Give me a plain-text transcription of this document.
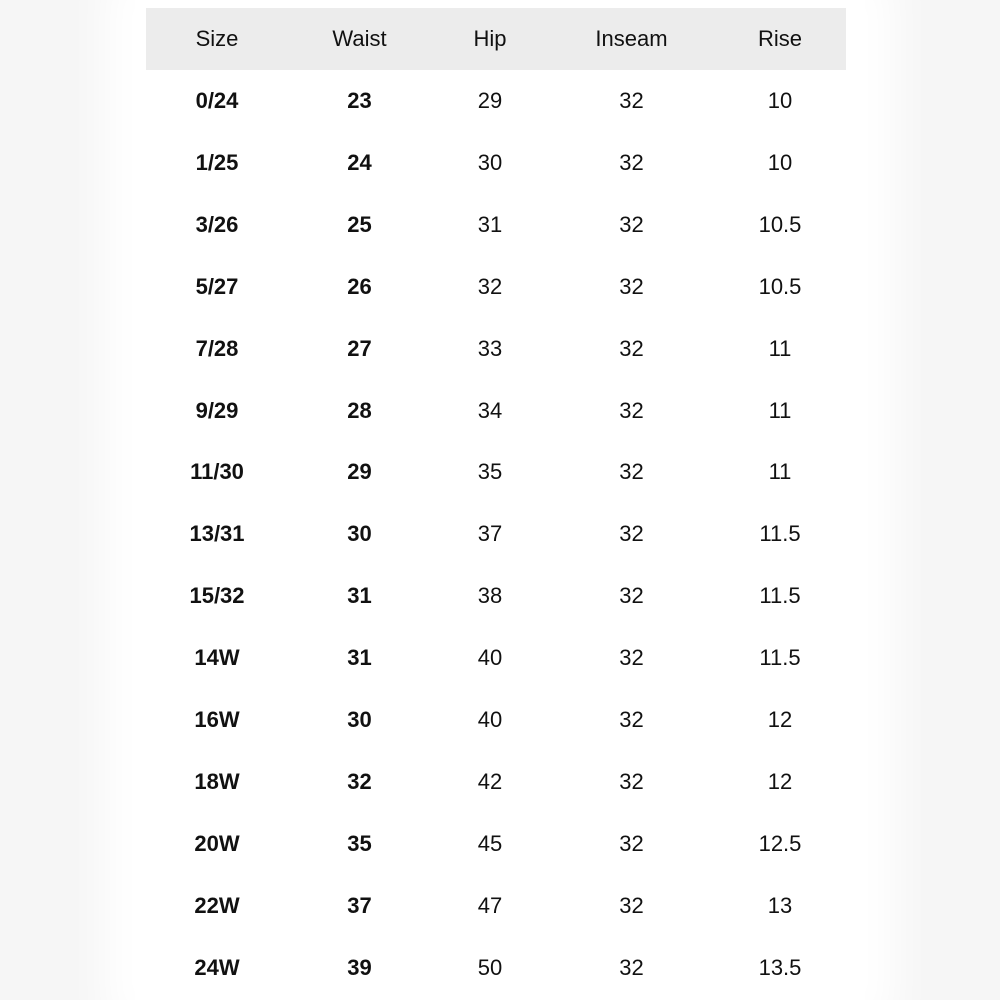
Size	Waist	Hip	Inseam	Rise
0/24	23	29	32	10
1/25	24	30	32	10
3/26	25	31	32	10.5
5/27	26	32	32	10.5
7/28	27	33	32	11
9/29	28	34	32	11
11/30	29	35	32	11
13/31	30	37	32	11.5
15/32	31	38	32	11.5
14W	31	40	32	11.5
16W	30	40	32	12
18W	32	42	32	12
20W	35	45	32	12.5
22W	37	47	32	13
24W	39	50	32	13.5
